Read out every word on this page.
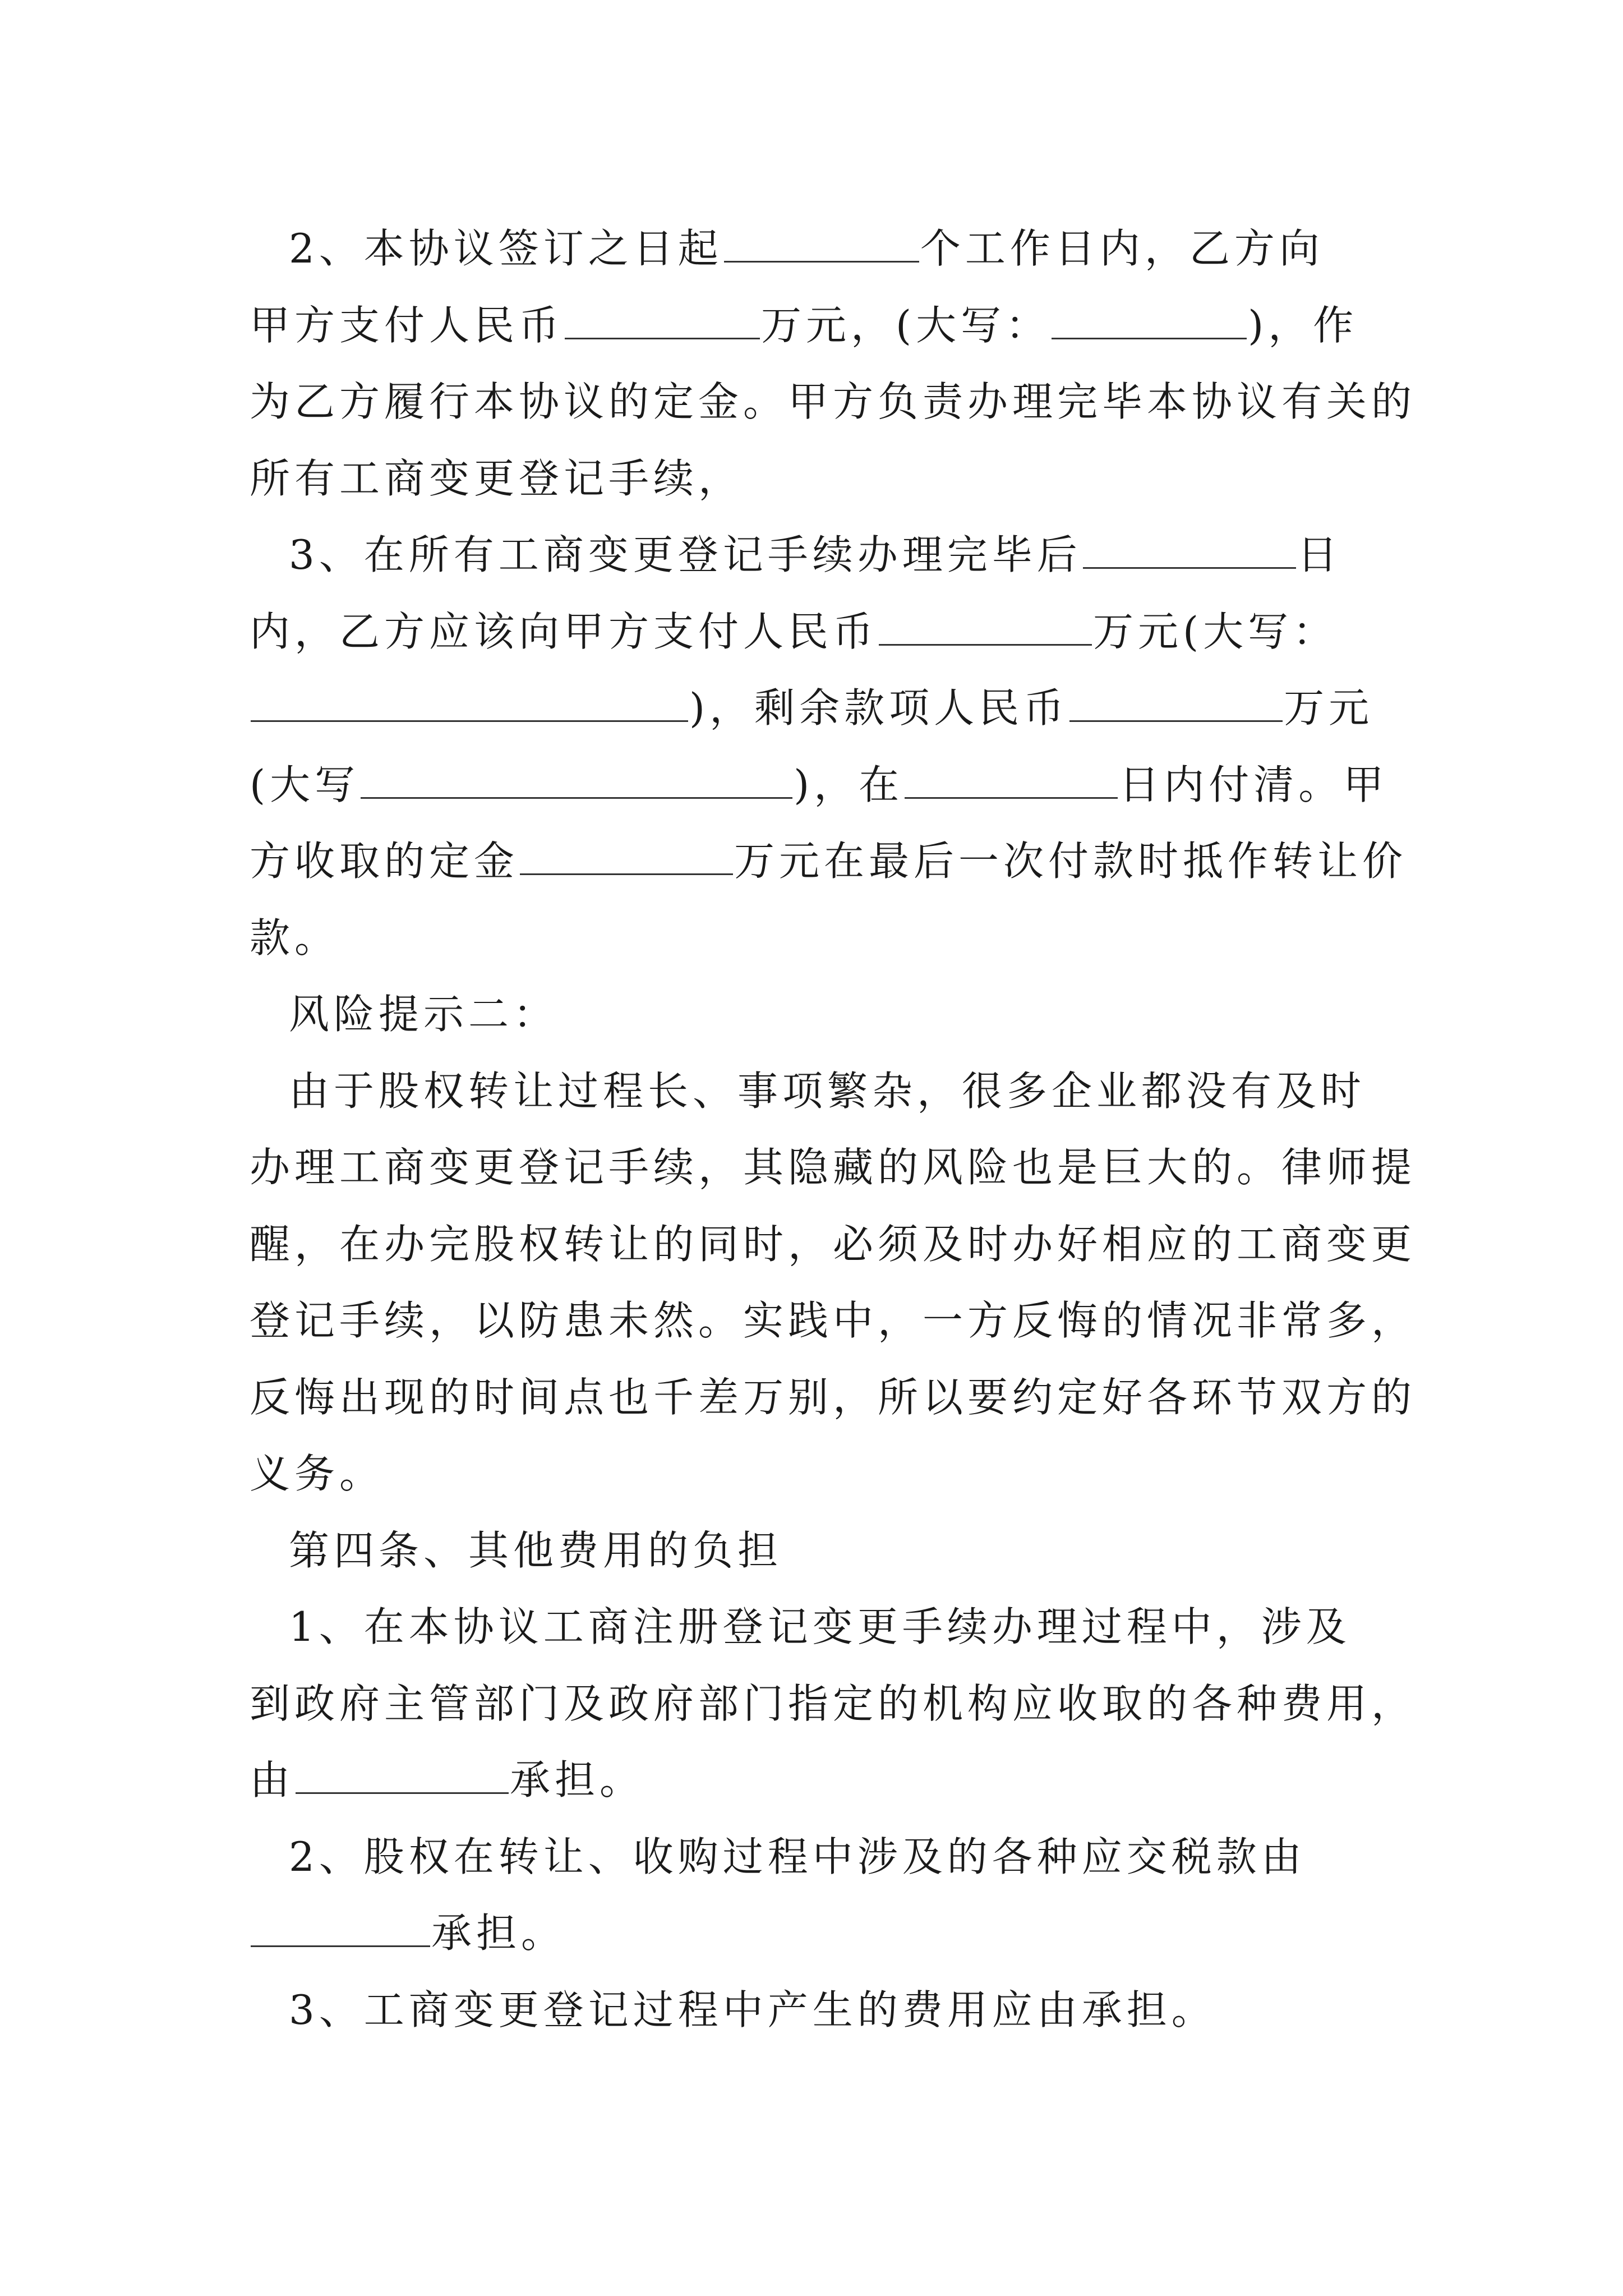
2、本协议签订之日起	个工作日内，乙方向
甲方支付人民币	万元，(大写：	)，作
为乙方履行本协议的定金。甲方负责办理完毕本协议有关的
所有工商变更登记手续，
3、在所有工商变更登记手续办理完毕后	日
内，乙方应该向甲方支付人民币	万元(大写：
)，剩余款项人民币	万元
(大写	)，在	日内付清。甲
方收取的定金	万元在最后一次付款时抵作转让价
款。
风险提示二：
由于股权转让过程长、事项繁杂，很多企业都没有及时
办理工商变更登记手续，其隐藏的风险也是巨大的。律师提
醒，在办完股权转让的同时，必须及时办好相应的工商变更
登记手续，以防患未然。实践中，一方反悔的情况非常多，
反悔出现的时间点也千差万别，所以要约定好各环节双方的
义务。
第四条、其他费用的负担
1、在本协议工商注册登记变更手续办理过程中，涉及
到政府主管部门及政府部门指定的机构应收取的各种费用，
由	承担。
2、股权在转让、收购过程中涉及的各种应交税款由
承担。
3、工商变更登记过程中产生的费用应由承担。
